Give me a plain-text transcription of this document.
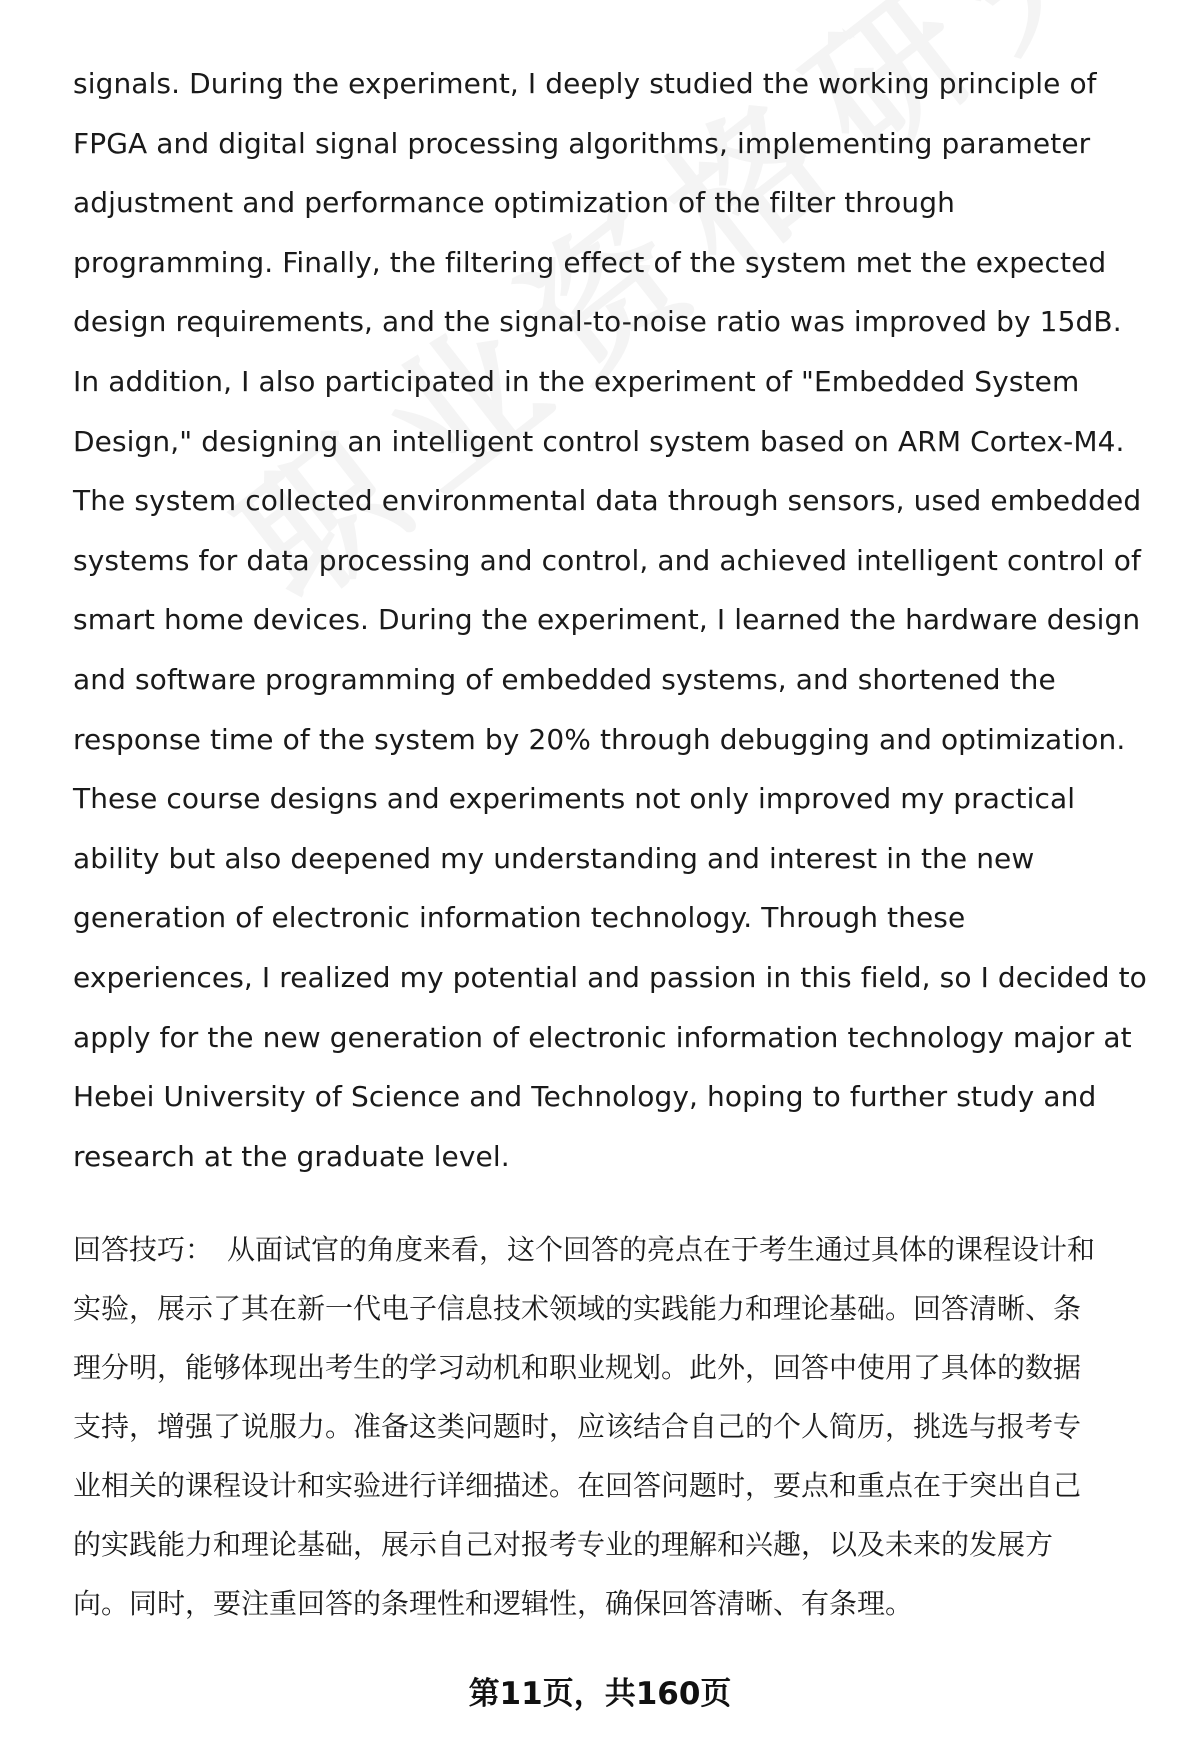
signals. During the experiment, I deeply studied the working principle of
FPGA and digital signal processing algorithms, implementing parameter
adjustment and performance optimization of the filter through
programming. Finally, the filtering effect of the system met the expected
design requirements, and the signal-to-noise ratio was improved by 15dB.
In addition, I also participated in the experiment of "Embedded System
Design," designing an intelligent control system based on ARM Cortex-M4.
The system collected environmental data through sensors, used embedded
systems for data processing and control, and achieved intelligent control of
smart home devices. During the experiment, I learned the hardware design
and software programming of embedded systems, and shortened the
response time of the system by 20% through debugging and optimization.
These course designs and experiments not only improved my practical
ability but also deepened my understanding and interest in the new
generation of electronic information technology. Through these
experiences, I realized my potential and passion in this field, so I decided to
apply for the new generation of electronic information technology major at
Hebei University of Science and Technology, hoping to further study and
research at the graduate level.
回答技巧： 从面试官的角度来看，这个回答的亮点在于考生通过具体的课程设计和
实验，展示了其在新一代电子信息技术领域的实践能力和理论基础。回答清晰、条
理分明，能够体现出考生的学习动机和职业规划。此外，回答中使用了具体的数据
支持，增强了说服力。准备这类问题时，应该结合自己的个人简历，挑选与报考专
业相关的课程设计和实验进行详细描述。在回答问题时，要点和重点在于突出自己
的实践能力和理论基础，展示自己对报考专业的理解和兴趣，以及未来的发展方
向。同时，要注重回答的条理性和逻辑性，确保回答清晰、有条理。
第11页，共160页
